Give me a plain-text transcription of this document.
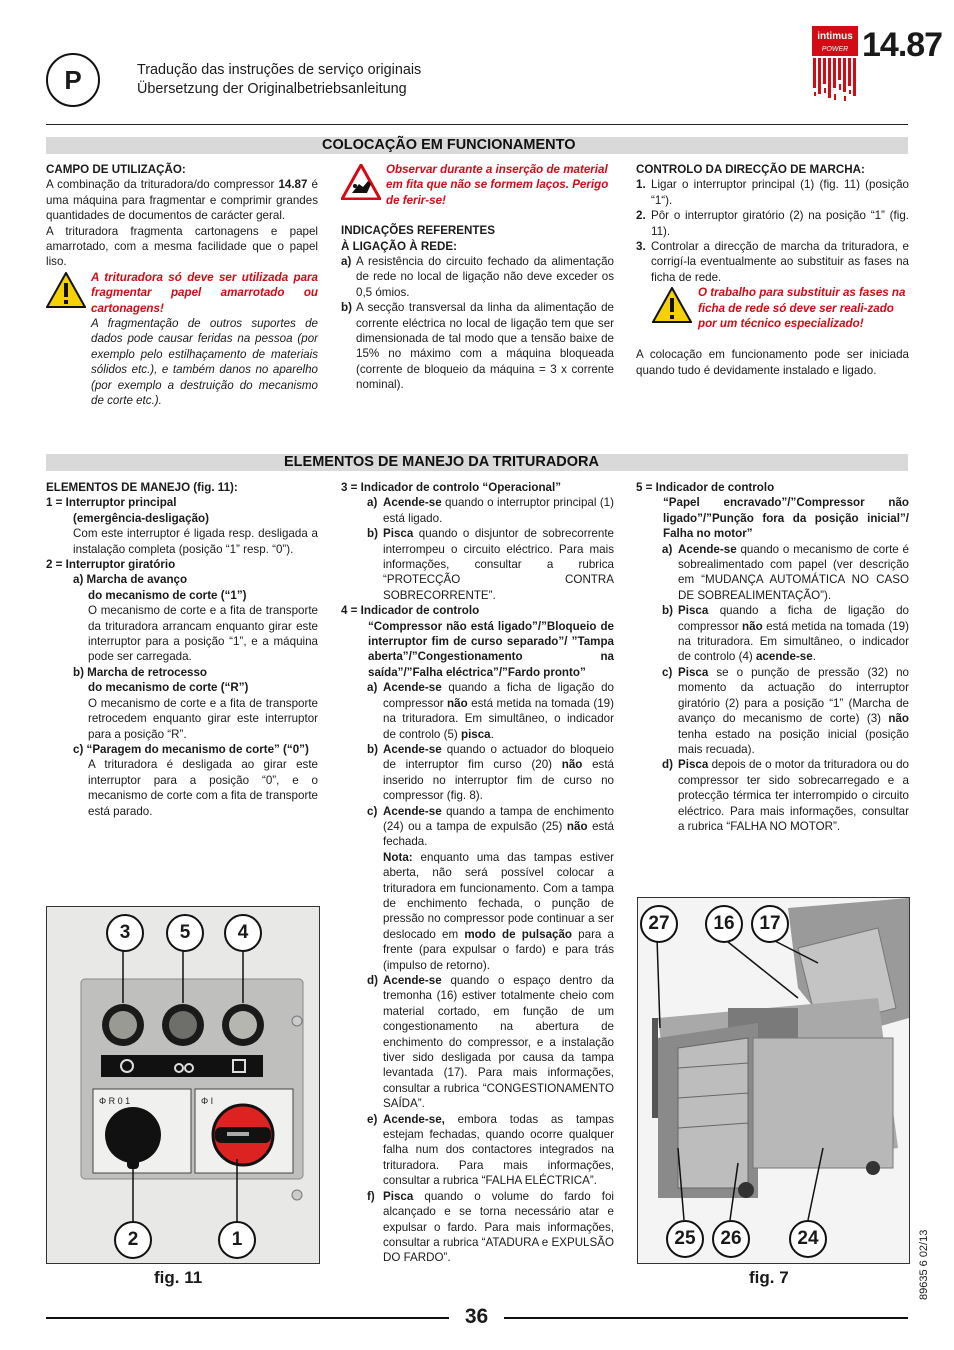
P	Tradução das instruções de serviço originais
Übersetzung der Originalbetriebsanleitung
intimus
POWER 14.87
COLOCAÇÃO EM FUNCIONAMENTO
CAMPO DE UTILIZAÇÃO:
A combinação da trituradora/do compressor 14.87 é uma máquina para fragmentar e comprimir grandes quantidades de documentos de carácter geral.
A trituradora fragmenta cartonagens e papel amarrotado, com a mesma facilidade que o papel liso.
A trituradora só deve ser utilizada para fragmentar papel amarrotado ou cartonagens!
A fragmentação de outros suportes de dados pode causar feridas na pessoa (por exemplo pelo estilhaçamento de materiais sólidos etc.), e também danos no aparelho (por exemplo a destruição do mecanismo de corte etc.).
Observar durante a inserção de material em fita que não se formem laços. Perigo de ferir-se!
INDICAÇÕES REFERENTES
À LIGAÇÃO À REDE:
a) A resistência do circuito fechado da alimentação de rede no local de ligação não deve exceder os 0,5 ómios.
b) A secção transversal da linha da alimentação de corrente eléctrica no local de ligação tem que ser dimensionada de tal modo que a tensão baixe de 15% no máximo com a máquina bloqueada (corrente de bloqueio da máquina = 3 x corrente nominal).
CONTROLO DA DIRECÇÃO DE MARCHA:
1. Ligar o interruptor principal (1) (fig. 11) (posição “1“).
2. Pôr o interruptor giratório (2) na posição “1” (fig. 11).
3. Controlar a direcção de marcha da trituradora, e corrigí-la eventualmente ao substituir as fases na ficha de rede.
O trabalho para substituir as fases na ficha de rede só deve ser reali-zado por um técnico especializado!
A colocação em funcionamento pode ser iniciada quando tudo é devidamente instalado e ligado.
ELEMENTOS DE MANEJO DA TRITURADORA
ELEMENTOS DE MANEJO (fig. 11):
1 = Interruptor principal
(emergência-desligação)
Com este interruptor é ligada resp. desligada a instalação completa (posição “1” resp. “0”).
2 = Interruptor giratório
a) Marcha de avanço
do mecanismo de corte (“1”)
O mecanismo de corte e a fita de transporte da trituradora arrancam enquanto girar este interruptor para a posição “1”, e a máquina pode ser carregada.
b) Marcha de retrocesso
do mecanismo de corte (“R”)
O mecanismo de corte e a fita de transporte retrocedem enquanto girar este interruptor para a posição “R”.
c) “Paragem do mecanismo de corte” (“0”)
A trituradora é desligada ao girar este interruptor para a posição “0”, e o mecanismo de corte com a fita de transporte está parado.
3 = Indicador de controlo “Operacional”
a) Acende-se quando o interruptor principal (1) está ligado.
b) Pisca quando o disjuntor de sobrecorrente interrompeu o circuito eléctrico. Para mais informações, consultar a rubrica “PROTECÇÃO CONTRA SOBRECORRENTE”.
4 = Indicador de controlo
“Compressor não está ligado”/”Bloqueio de interruptor fim de curso separado”/ ”Tampa aberta”/”Congestionamento na saída”/”Falha eléctrica”/”Fardo pronto”
a) Acende-se quando a ficha de ligação do compressor não está metida na tomada (19) na trituradora. Em simultâneo, o indicador de controlo (5) pisca.
b) Acende-se quando o actuador do bloqueio de interruptor fim curso (20) não está inserido no interruptor fim de curso no compressor (fig. 8).
c) Acende-se quando a tampa de enchimento (24) ou a tampa de expulsão (25) não está fechada.
Nota: enquanto uma das tampas estiver aberta, não será possível colocar a trituradora em funcionamento. Com a tampa de enchimento fechada, o punção de pressão no compressor pode continuar a ser deslocado em modo de pulsação para a frente (para expulsar o fardo) e para trás (impulso de retorno).
d) Acende-se quando o espaço dentro da tremonha (16) estiver totalmente cheio com material cortado, em função de um congestionamento na abertura de enchimento do compressor, e a instalação tiver sido desligada por causa da tampa levantada (17). Para mais informações, consultar a rubrica “CONGESTIONAMENTO SAÍDA”.
e) Acende-se, embora todas as tampas estejam fechadas, quando ocorre qualquer falha num dos contactores integrados na trituradora. Para mais informações, consultar a rubrica “FALHA ELÉCTRICA”.
f) Pisca quando o volume do fardo foi alcançado e se torna necessário atar e expulsar o fardo. Para mais informações, consultar a rubrica “ATADURA e EXPULSÃO DO FARDO”.
5 = Indicador de controlo
“Papel encravado”/”Compressor não ligado”/”Punção fora da posição inicial”/ Falha no motor”
a) Acende-se quando o mecanismo de corte é sobrealimentado com papel (ver descrição em “MUDANÇA AUTOMÁTICA NO CASO DE SOBREALIMENTAÇÃO”).
b) Pisca quando a ficha de ligação do compressor não está metida na tomada (19) na trituradora. Em simultâneo, o indicador de controlo (4) acende-se.
c) Pisca se o punção de pressão (32) no momento da actuação do interruptor giratório (2) para a posição “1” (Marcha de avanço do mecanismo de corte) (3) não tenha estado na posição inicial (posição mais recuada).
d) Pisca depois de o motor da trituradora ou do compressor ter sido sobrecarregado e a protecção térmica ter interrompido o circuito eléctrico. Para mais informações, consultar a rubrica “FALHA NO MOTOR”.
Φ R 0 1	Φ I
3	5	4
2	1
fig. 11
27	16	17
25	26	24
fig. 7	89635 6 02/13
36
